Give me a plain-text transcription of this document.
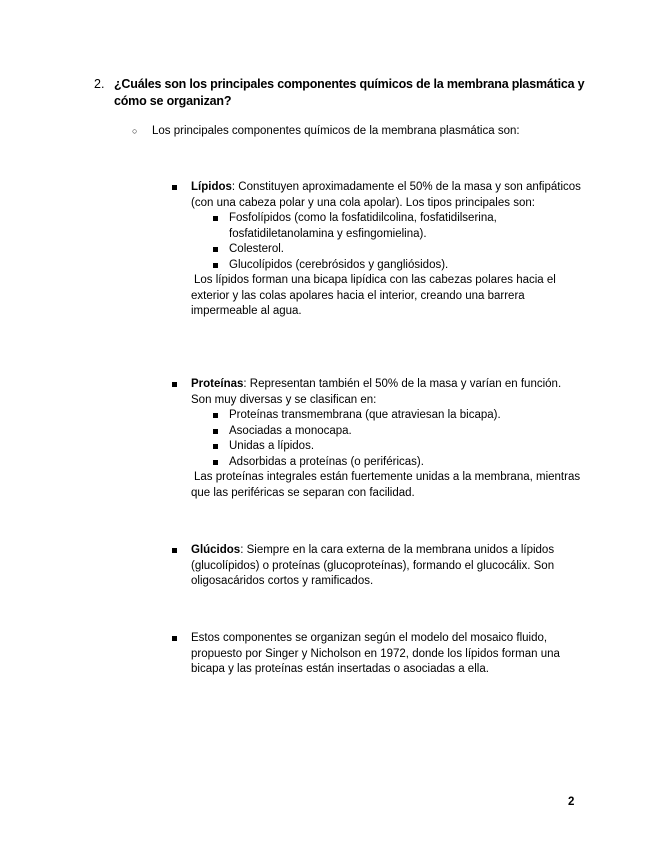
2. ¿Cuáles son los principales componentes químicos de la membrana plasmática y cómo se organizan?
○ Los principales componentes químicos de la membrana plasmática son:

Lípidos: Constituyen aproximadamente el 50% de la masa y son anfipáticos (con una cabeza polar y una cola apolar). Los tipos principales son:

Fosfolípidos (como la fosfatidilcolina, fosfatidilserina, fosfatidiletanolamina y esfingomielina).
Colesterol.
Glucolípidos (cerebrósidos y gangliósidos).

Los lípidos forman una bicapa lipídica con las cabezas polares hacia el exterior y las colas apolares hacia el interior, creando una barrera impermeable al agua.

Proteínas: Representan también el 50% de la masa y varían en función. Son muy diversas y se clasifican en:

Proteínas transmembrana (que atraviesan la bicapa).
Asociadas a monocapa.
Unidas a lípidos.
Adsorbidas a proteínas (o periféricas).

Las proteínas integrales están fuertemente unidas a la membrana, mientras que las periféricas se separan con facilidad.

Glúcidos: Siempre en la cara externa de la membrana unidos a lípidos (glucolípidos) o proteínas (glucoproteínas), formando el glucocálix. Son oligosacáridos cortos y ramificados.

Estos componentes se organizan según el modelo del mosaico fluido, propuesto por Singer y Nicholson en 1972, donde los lípidos forman una bicapa y las proteínas están insertadas o asociadas a ella.

2
